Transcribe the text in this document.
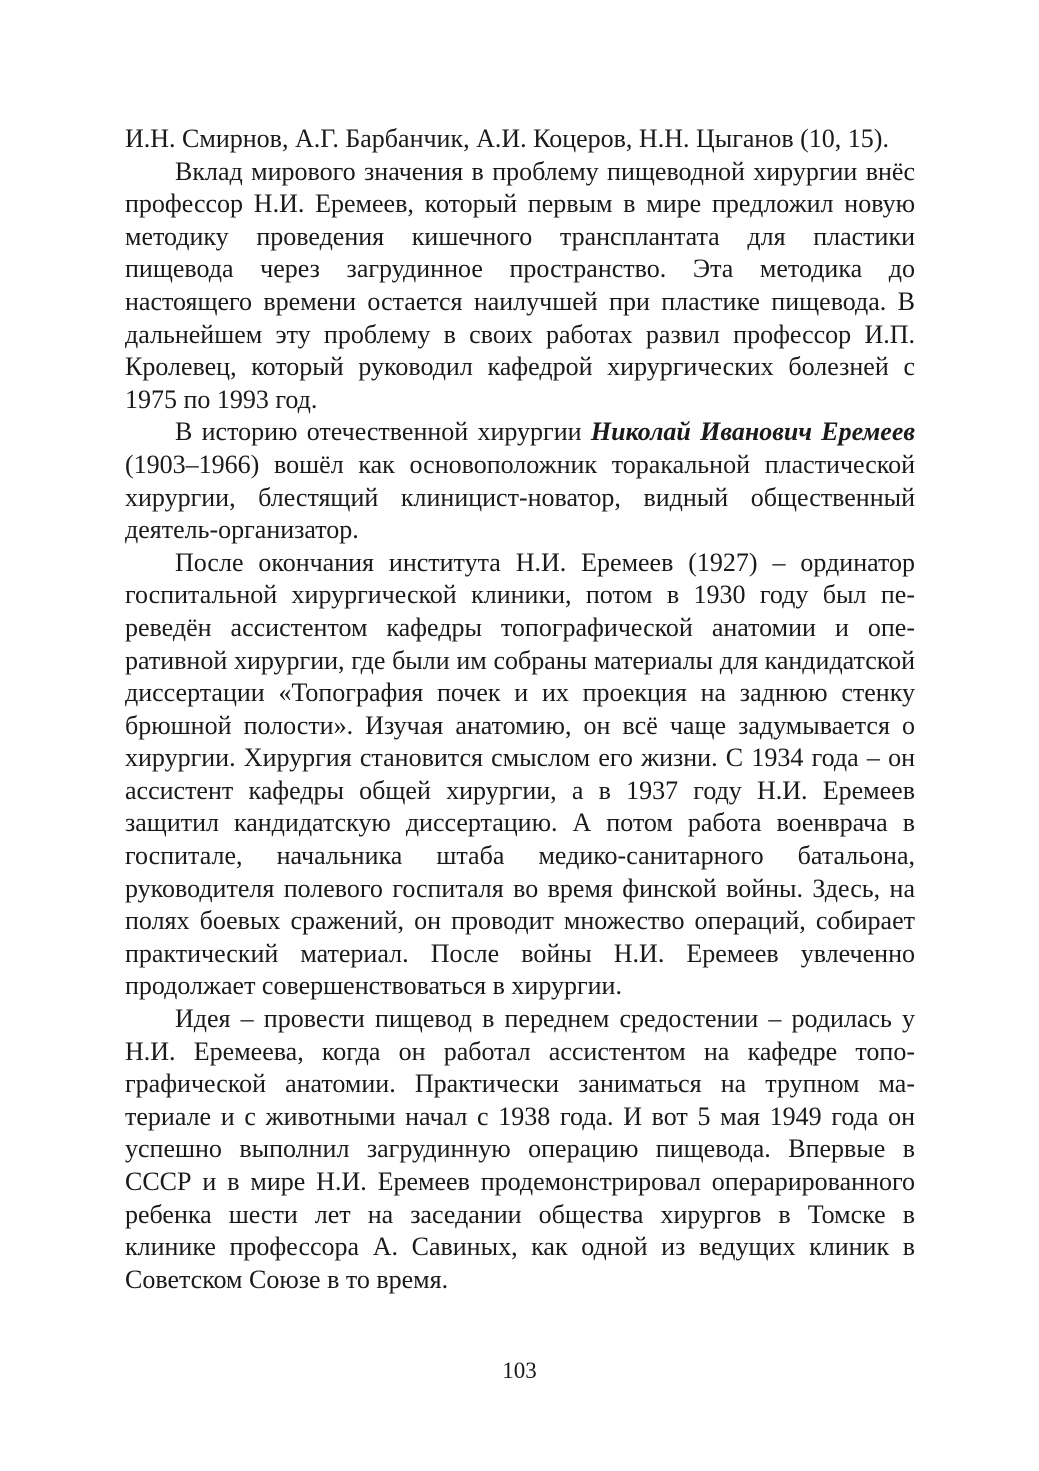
И.Н. Смирнов, А.Г. Барбанчик, А.И. Коцеров, Н.Н. Цыганов (10, 15).

Вклад мирового значения в проблему пищеводной хирургии внёс профессор Н.И. Еремеев, который первым в мире предложил новую методику проведения кишечного трансплантата для пластики пищевода через загрудинное пространство. Эта методика до настоящего времени остается наилучшей при пластике пищевода. В дальнейшем эту проблему в своих работах развил профессор И.П. Кролевец, который руководил кафедрой хирургических болезней с 1975 по 1993 год.

В историю отечественной хирургии Николай Иванович Еремеев (1903–1966) вошёл как основоположник торакальной пластической хирургии, блестящий клиницист-новатор, видный общественный деятель-организатор.

После окончания института Н.И. Еремеев (1927) – ординатор госпитальной хирургической клиники, потом в 1930 году был переведён ассистентом кафедры топографической анатомии и оперативной хирургии, где были им собраны материалы для кандидатской диссертации «Топография почек и их проекция на заднюю стенку брюшной полости». Изучая анатомию, он всё чаще задумывается о хирургии. Хирургия становится смыслом его жизни. С 1934 года – он ассистент кафедры общей хирургии, а в 1937 году Н.И. Еремеев защитил кандидатскую диссертацию. А потом работа военврача в госпитале, начальника штаба медико-санитарного батальона, руководителя полевого госпиталя во время финской войны. Здесь, на полях боевых сражений, он проводит множество операций, собирает практический материал. После войны Н.И. Еремеев увлеченно продолжает совершенствоваться в хирургии.

Идея – провести пищевод в переднем средостении – родилась у Н.И. Еремеева, когда он работал ассистентом на кафедре топографической анатомии. Практически заниматься на трупном материале и с животными начал с 1938 года. И вот 5 мая 1949 года он успешно выполнил загрудинную операцию пищевода. Впервые в СССР и в мире Н.И. Еремеев продемонстрировал операрированного ребенка шести лет на заседании общества хирургов в Томске в клинике профессора А. Савиных, как одной из ведущих клиник в Советском Союзе в то время.

103
